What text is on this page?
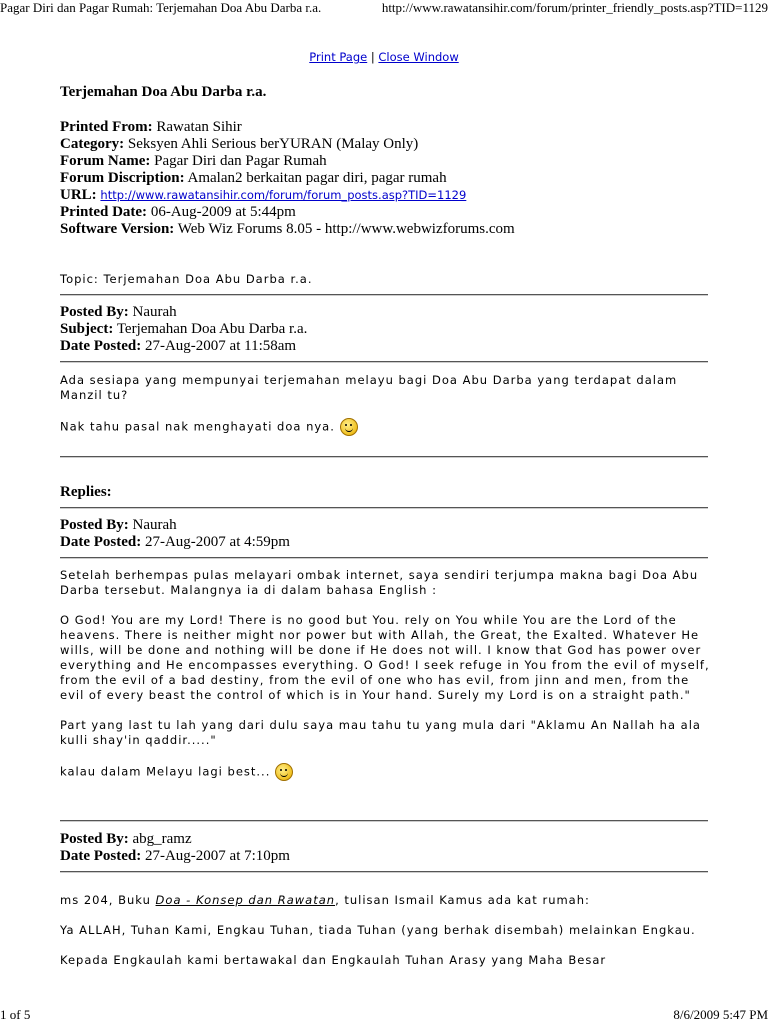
Pagar Diri dan Pagar Rumah: Terjemahan Doa Abu Darba r.a.	http://www.rawatansihir.com/forum/printer_friendly_posts.asp?TID=1129
1 of 5	8/6/2009 5:47 PM
Print Page | Close Window
Terjemahan Doa Abu Darba r.a.
Printed From: Rawatan Sihir
Category: Seksyen Ahli Serious berYURAN (Malay Only)
Forum Name: Pagar Diri dan Pagar Rumah
Forum Discription: Amalan2 berkaitan pagar diri, pagar rumah
URL: http://www.rawatansihir.com/forum/forum_posts.asp?TID=1129
Printed Date: 06-Aug-2009 at 5:44pm
Software Version: Web Wiz Forums 8.05 - http://www.webwizforums.com
Topic: Terjemahan Doa Abu Darba r.a.
Posted By: Naurah
Subject: Terjemahan Doa Abu Darba r.a.
Date Posted: 27-Aug-2007 at 11:58am

Ada sesiapa yang mempunyai terjemahan melayu bagi Doa Abu Darba yang terdapat dalam Manzil tu?

Nak tahu pasal nak menghayati doa nya.

Replies:
Posted By: Naurah
Date Posted: 27-Aug-2007 at 4:59pm

Setelah berhempas pulas melayari ombak internet, saya sendiri terjumpa makna bagi Doa Abu Darba tersebut. Malangnya ia di dalam bahasa English :

O God! You are my Lord! There is no good but You. rely on You while You are the Lord of the heavens. There is neither might nor power but with Allah, the Great, the Exalted. Whatever He wills, will be done and nothing will be done if He does not will. I know that God has power over everything and He encompasses everything. O God! I seek refuge in You from the evil of myself, from the evil of a bad destiny, from the evil of one who has evil, from jinn and men, from the evil of every beast the control of which is in Your hand. Surely my Lord is on a straight path."

Part yang last tu lah yang dari dulu saya mau tahu tu yang mula dari "Aklamu An Nallah ha ala kulli shay'in qaddir....."

kalau dalam Melayu lagi best...

Posted By: abg_ramz
Date Posted: 27-Aug-2007 at 7:10pm

ms 204, Buku Doa - Konsep dan Rawatan, tulisan Ismail Kamus ada kat rumah:

Ya ALLAH, Tuhan Kami, Engkau Tuhan, tiada Tuhan (yang berhak disembah) melainkan Engkau.

Kepada Engkaulah kami bertawakal dan Engkaulah Tuhan Arasy yang Maha Besar
